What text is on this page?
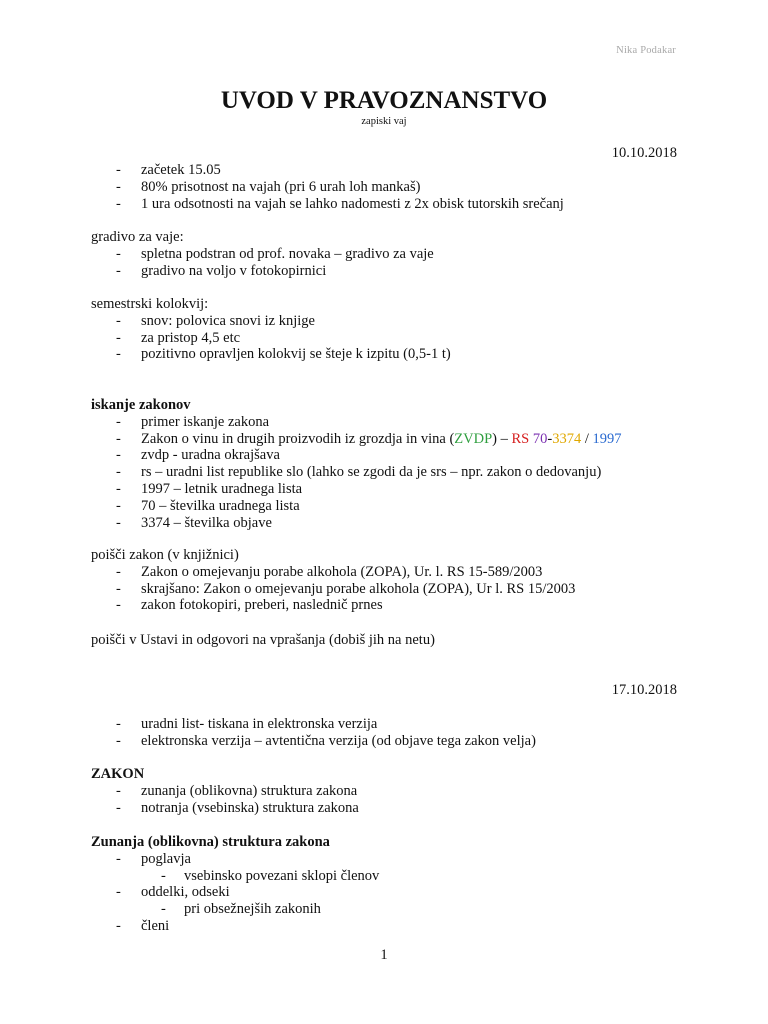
Nika Podakar
UVOD V PRAVOZNANSTVO
zapiski vaj
10.10.2018
- začetek 15.05
- 80% prisotnost na vajah (pri 6 urah loh mankaš)
- 1 ura odsotnosti na vajah se lahko nadomesti z 2x obisk tutorskih srečanj
gradivo za vaje:
- spletna podstran od prof. novaka – gradivo za vaje
- gradivo na voljo v fotokopirnici
semestrski kolokvij:
- snov: polovica snovi iz knjige
- za pristop 4,5 etc
- pozitivno opravljen kolokvij se šteje k izpitu (0,5-1 t)
iskanje zakonov
- primer iskanje zakona
- Zakon o vinu in drugih proizvodih iz grozdja in vina (ZVDP) – RS 70-3374 / 1997
- zvdp - uradna okrajšava
- rs – uradni list republike slo (lahko se zgodi da je srs – npr. zakon o dedovanju)
- 1997 – letnik uradnega lista
- 70 – številka uradnega lista
- 3374 – številka objave
poišči zakon (v knjižnici)
- Zakon o omejevanju porabe alkohola (ZOPA), Ur. l. RS 15-589/2003
- skrajšano: Zakon o omejevanju porabe alkohola (ZOPA), Ur l. RS 15/2003
- zakon fotokopiri, preberi, naslednič prnes
poišči v Ustavi in odgovori na vprašanja (dobiš jih na netu)
17.10.2018
- uradni list- tiskana in elektronska verzija
- elektronska verzija – avtentična verzija (od objave tega zakon velja)
ZAKON
- zunanja (oblikovna) struktura zakona
- notranja (vsebinska) struktura zakona
Zunanja (oblikovna) struktura zakona
- poglavja
- vsebinsko povezani sklopi členov
- oddelki, odseki
- pri obsežnejših zakonih
- členi
1
